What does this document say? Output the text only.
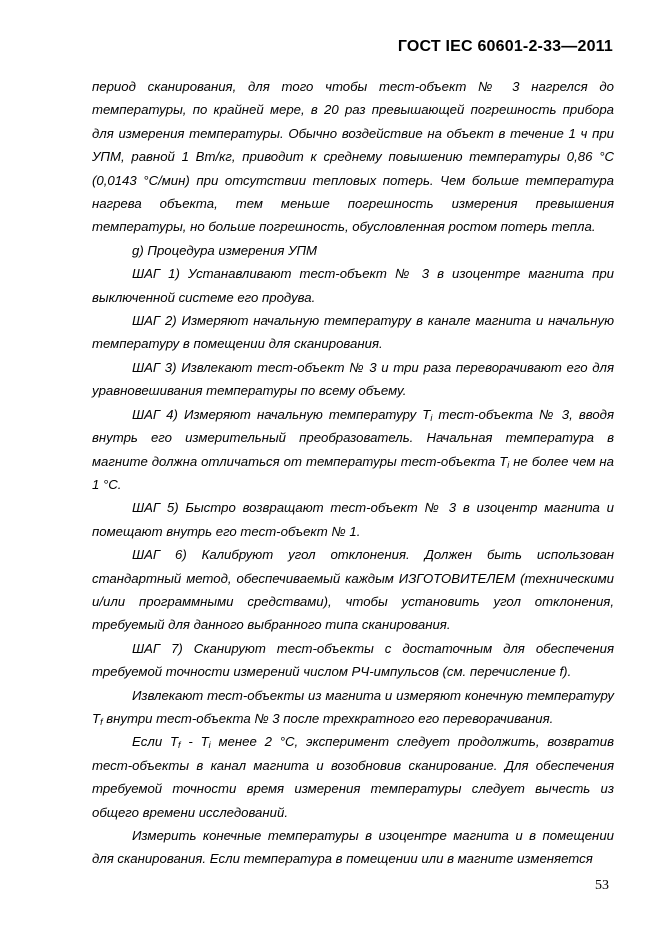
ГОСТ IEC 60601-2-33—2011

период сканирования, для того чтобы тест-объект № 3 нагрелся до температуры, по крайней мере, в 20 раз превышающей погрешность прибора для измерения температуры. Обычно воздействие на объект в течение 1 ч при УПМ, равной 1 Вт/кг, приводит к среднему повышению температуры 0,86 °С (0,0143 °С/мин) при отсутствии тепловых потерь. Чем больше температура нагрева объекта, тем меньше погрешность измерения превышения температуры, но больше погрешность, обусловленная ростом потерь тепла.

g) Процедура измерения УПМ

ШАГ 1) Устанавливают тест-объект № 3 в изоцентре магнита при выключенной системе его продува.

ШАГ 2) Измеряют начальную температуру в канале магнита и начальную температуру в помещении для сканирования.

ШАГ 3) Извлекают тест-объект № 3 и три раза переворачивают его для уравновешивания температуры по всему объему.

ШАГ 4) Измеряют начальную температуру $T_i$ тест-объекта № 3, вводя внутрь его измерительный преобразователь. Начальная температура в магните должна отличаться от температуры тест-объекта $T_i$ не более чем на 1 °С.

ШАГ 5) Быстро возвращают тест-объект № 3 в изоцентр магнита и помещают внутрь его тест-объект № 1.

ШАГ 6) Калибруют угол отклонения. Должен быть использован стандартный метод, обеспечиваемый каждым ИЗГОТОВИТЕЛЕМ (техническими и/или программными средствами), чтобы установить угол отклонения, требуемый для данного выбранного типа сканирования.

ШАГ 7) Сканируют тест-объекты с достаточным для обеспечения требуемой точности измерений числом РЧ-импульсов (см. перечисление f).

Извлекают тест-объекты из магнита и измеряют конечную температуру $T_f$ внутри тест-объекта № 3 после трехкратного его переворачивания.

Если $T_f - T_i$ менее 2 °С, эксперимент следует продолжить, возвратив тест-объекты в канал магнита и возобновив сканирование. Для обеспечения требуемой точности время измерения температуры следует вычесть из общего времени исследований.

Измерить конечные температуры в изоцентре магнита и в помещении для сканирования. Если температура в помещении или в магните изменяется

53
